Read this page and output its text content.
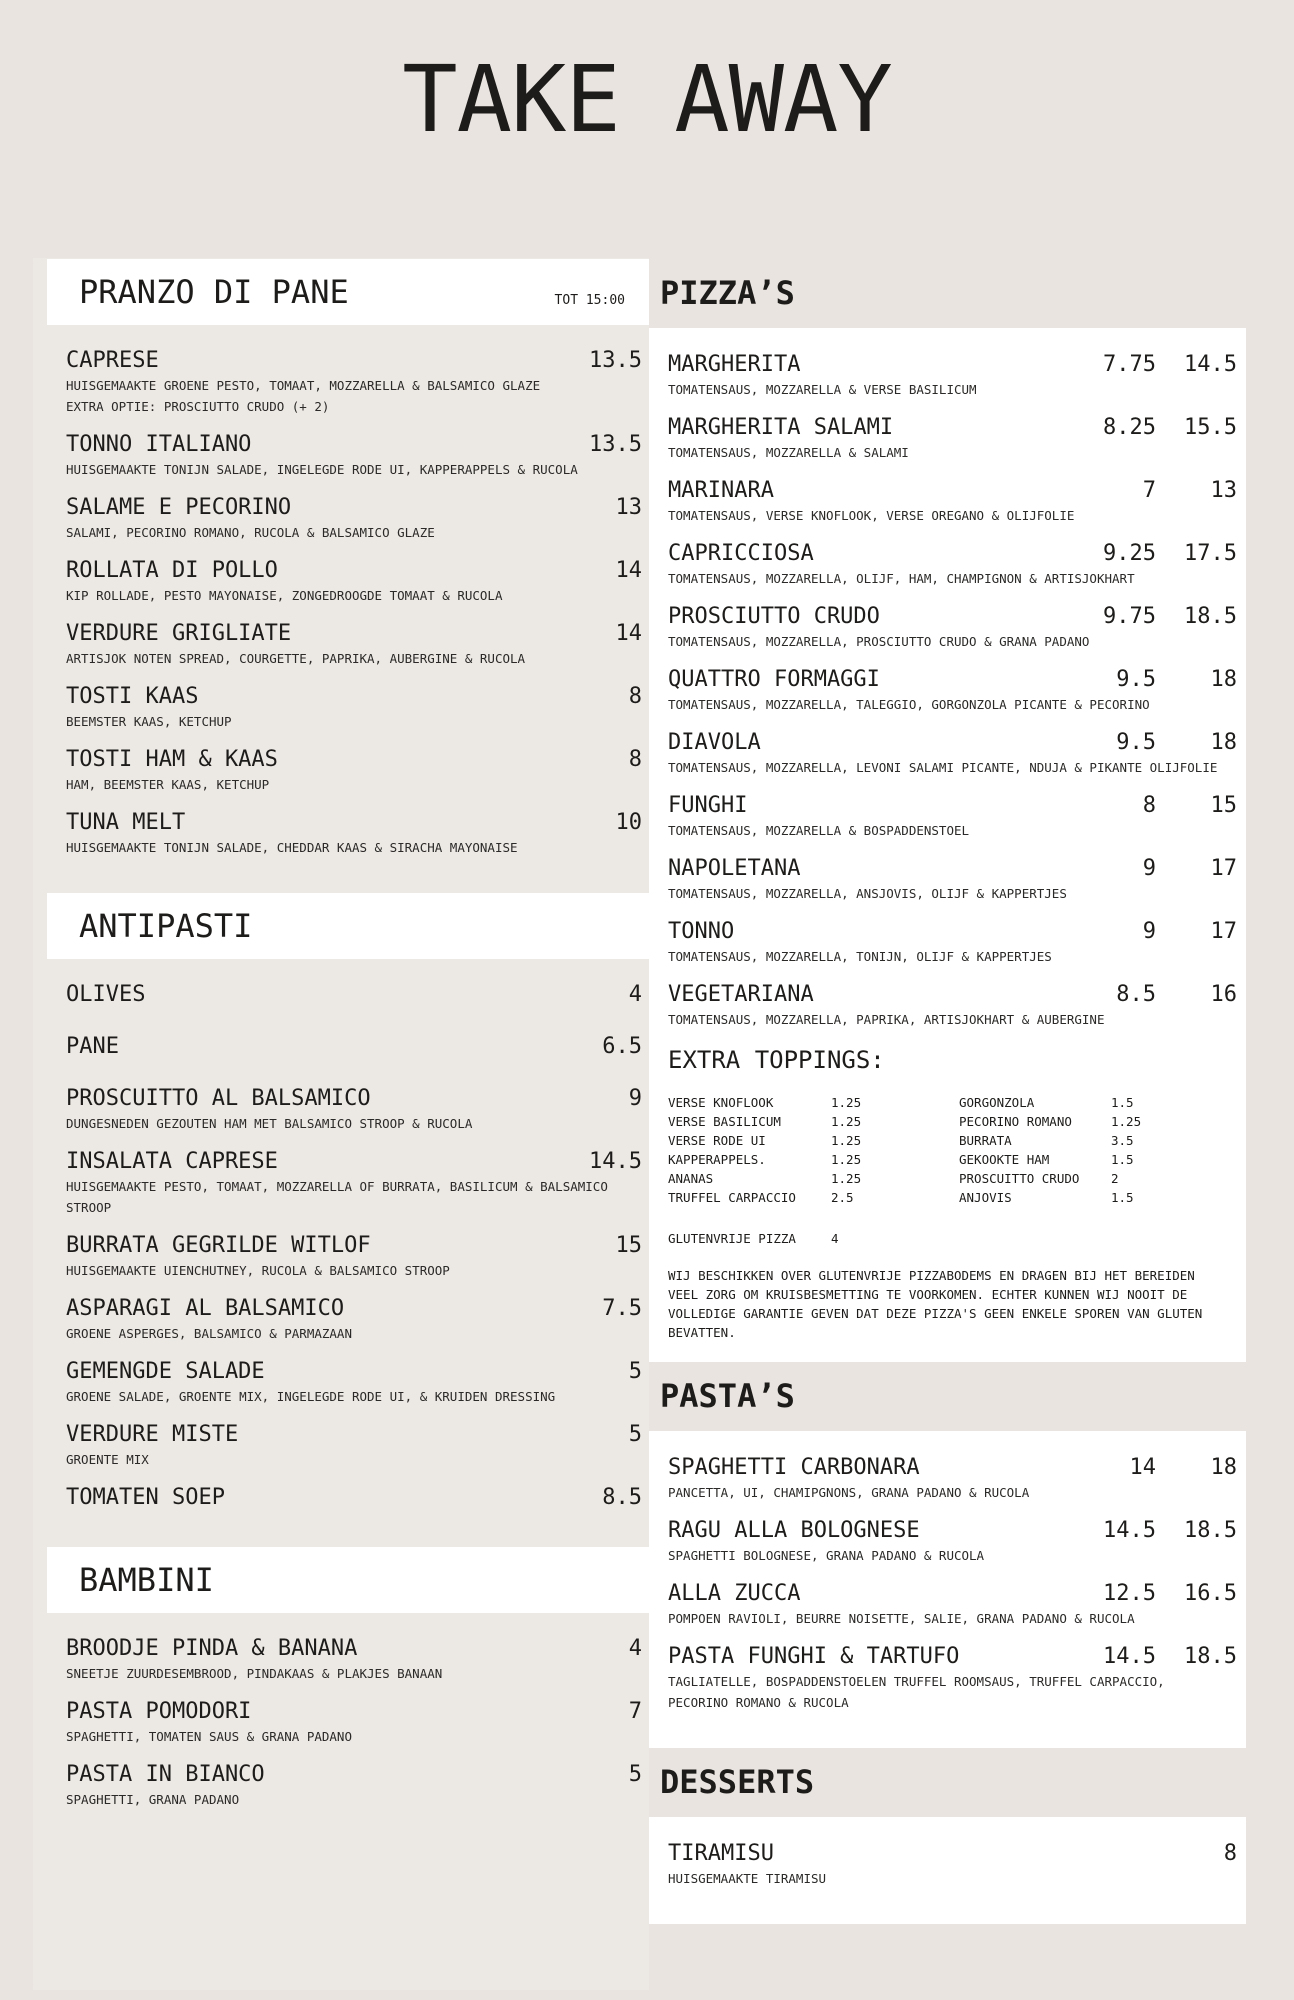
TAKE AWAY
PRANZO DI PANE	TOT 15:00
CAPRESE	13.5
HUISGEMAAKTE GROENE PESTO, TOMAAT, MOZZARELLA & BALSAMICO GLAZE
EXTRA OPTIE: PROSCIUTTO CRUDO (+ 2)
TONNO ITALIANO	13.5
HUISGEMAAKTE TONIJN SALADE, INGELEGDE RODE UI, KAPPERAPPELS & RUCOLA
SALAME E PECORINO	13
SALAMI, PECORINO ROMANO, RUCOLA & BALSAMICO GLAZE
ROLLATA DI POLLO	14
KIP ROLLADE, PESTO MAYONAISE, ZONGEDROOGDE TOMAAT & RUCOLA
VERDURE GRIGLIATE	14
ARTISJOK NOTEN SPREAD, COURGETTE, PAPRIKA, AUBERGINE & RUCOLA
TOSTI KAAS	8
BEEMSTER KAAS, KETCHUP
TOSTI HAM & KAAS	8
HAM, BEEMSTER KAAS, KETCHUP
TUNA MELT	10
HUISGEMAAKTE TONIJN SALADE, CHEDDAR KAAS & SIRACHA MAYONAISE
ANTIPASTI
OLIVES	4
PANE	6.5
PROSCUITTO AL BALSAMICO	9
DUNGESNEDEN GEZOUTEN HAM MET BALSAMICO STROOP & RUCOLA
INSALATA CAPRESE	14.5
HUISGEMAAKTE PESTO, TOMAAT, MOZZARELLA OF BURRATA, BASILICUM & BALSAMICO
STROOP
BURRATA GEGRILDE WITLOF	15
HUISGEMAAKTE UIENCHUTNEY, RUCOLA & BALSAMICO STROOP
ASPARAGI AL BALSAMICO	7.5
GROENE ASPERGES, BALSAMICO & PARMAZAAN
GEMENGDE SALADE	5
GROENE SALADE, GROENTE MIX, INGELEGDE RODE UI, & KRUIDEN DRESSING
VERDURE MISTE	5
GROENTE MIX
TOMATEN SOEP	8.5
BAMBINI
BROODJE PINDA & BANANA	4
SNEETJE ZUURDESEMBROOD, PINDAKAAS & PLAKJES BANAAN
PASTA POMODORI	7
SPAGHETTI, TOMATEN SAUS & GRANA PADANO
PASTA IN BIANCO	5
SPAGHETTI, GRANA PADANO
PIZZA’S
MARGHERITA	7.75	14.5
TOMATENSAUS, MOZZARELLA & VERSE BASILICUM
MARGHERITA SALAMI	8.25	15.5
TOMATENSAUS, MOZZARELLA & SALAMI
MARINARA	7	13
TOMATENSAUS, VERSE KNOFLOOK, VERSE OREGANO & OLIJFOLIE
CAPRICCIOSA	9.25	17.5
TOMATENSAUS, MOZZARELLA, OLIJF, HAM, CHAMPIGNON & ARTISJOKHART
PROSCIUTTO CRUDO	9.75	18.5
TOMATENSAUS, MOZZARELLA, PROSCIUTTO CRUDO & GRANA PADANO
QUATTRO FORMAGGI	9.5	18
TOMATENSAUS, MOZZARELLA, TALEGGIO, GORGONZOLA PICANTE & PECORINO
DIAVOLA	9.5	18
TOMATENSAUS, MOZZARELLA, LEVONI SALAMI PICANTE, NDUJA & PIKANTE OLIJFOLIE
FUNGHI	8	15
TOMATENSAUS, MOZZARELLA & BOSPADDENSTOEL
NAPOLETANA	9	17
TOMATENSAUS, MOZZARELLA, ANSJOVIS, OLIJF & KAPPERTJES
TONNO	9	17
TOMATENSAUS, MOZZARELLA, TONIJN, OLIJF & KAPPERTJES
VEGETARIANA	8.5	16
TOMATENSAUS, MOZZARELLA, PAPRIKA, ARTISJOKHART & AUBERGINE
EXTRA TOPPINGS:
VERSE KNOFLOOK	1.25
VERSE BASILICUM	1.25
VERSE RODE UI	1.25
KAPPERAPPELS.	1.25
ANANAS	1.25
TRUFFEL CARPACCIO	2.5
GORGONZOLA	1.5
PECORINO ROMANO	1.25
BURRATA	3.5
GEKOOKTE HAM	1.5
PROSCUITTO CRUDO	2
ANJOVIS	1.5
GLUTENVRIJE PIZZA	4
WIJ BESCHIKKEN OVER GLUTENVRIJE PIZZABODEMS EN DRAGEN BIJ HET BEREIDEN
VEEL ZORG OM KRUISBESMETTING TE VOORKOMEN. ECHTER KUNNEN WIJ NOOIT DE
VOLLEDIGE GARANTIE GEVEN DAT DEZE PIZZA'S GEEN ENKELE SPOREN VAN GLUTEN
BEVATTEN.
PASTA’S
SPAGHETTI CARBONARA	14	18
PANCETTA, UI, CHAMIPGNONS, GRANA PADANO & RUCOLA
RAGU ALLA BOLOGNESE	14.5	18.5
SPAGHETTI BOLOGNESE, GRANA PADANO & RUCOLA
ALLA ZUCCA	12.5	16.5
POMPOEN RAVIOLI, BEURRE NOISETTE, SALIE, GRANA PADANO & RUCOLA
PASTA FUNGHI & TARTUFO	14.5	18.5
TAGLIATELLE, BOSPADDENSTOELEN TRUFFEL ROOMSAUS, TRUFFEL CARPACCIO,
PECORINO ROMANO & RUCOLA
DESSERTS
TIRAMISU	8
HUISGEMAAKTE TIRAMISU
